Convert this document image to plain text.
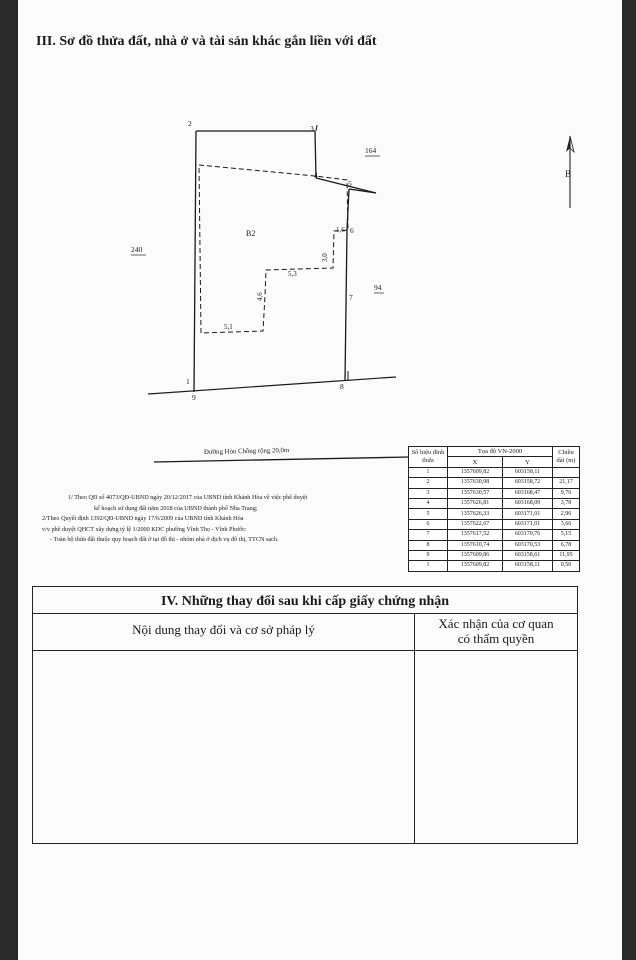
III. Sơ đồ thửa đất, nhà ở và tài sản khác gắn liền với đất
B
1
2
3
4
5
6
7
8
9
1,6
3,0
5,3
4,6
5,1
B2
164
240
94
Đường Hòn Chồng rộng 20,0m	Số hiệu đỉnh thửa	Tọa độ VN-2000		Chiều dài (m)
	X	Y	
1	1357609,82	603158,11	
2	1357630,98	603158,72	21,17
3	1357630,57	603168,47	9,76
4	1357626,81	603168,09	3,78
5	1357626,33	603171,01	2,96
6	1357622,67	603171,01	3,66
7	1357617,52	603170,76	5,15
8	1357610,74	603170,53	6,78
9	1357609,86	603158,61	11,95
1	1357609,82	603158,11	0,50
1/ Theo QĐ số 4073/QĐ-UBND ngày 20/12/2017 của UBND tỉnh Khánh Hòa về việc phê duyệt
kế hoạch sử dụng đất năm 2018 của UBND thành phố Nha Trang;
2/Theo Quyết định 1392/QĐ-UBND ngày 17/6/2009 của UBND tỉnh Khánh Hòa
v/v phê duyệt QHCT xây dựng tỷ lệ 1/2000 KDC phường Vĩnh Thọ - Vĩnh Phước:
- Toàn bộ thửa đất thuộc quy hoạch đất ở tại đô thị - nhóm nhà ở dịch vụ đô thị, TTCN sạch.
IV. Những thay đổi sau khi cấp giấy chứng nhận
Nội dung thay đổi và cơ sở pháp lý	Xác nhận của cơ quan
có thẩm quyền
